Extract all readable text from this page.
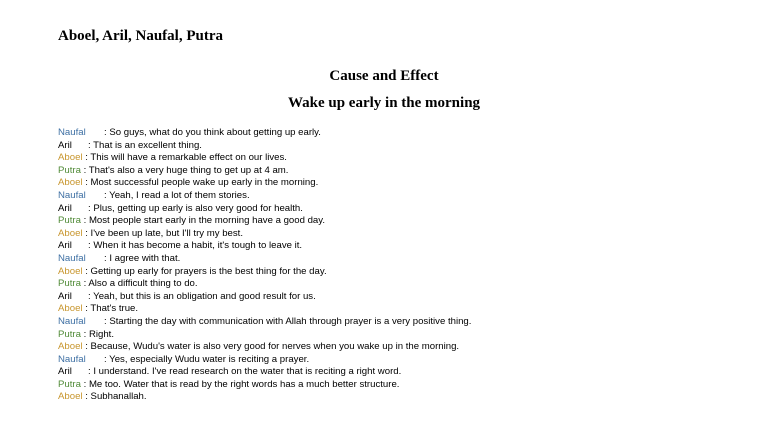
Aboel, Aril, Naufal, Putra
Cause and Effect
Wake up early in the morning
Naufal : So guys, what do you think about getting up early.
Aril : That is an excellent thing.
Aboel : This will have a remarkable effect on our lives.
Putra : That's also a very huge thing to get up at 4 am.
Aboel : Most successful people wake up early in the morning.
Naufal : Yeah, I read a lot of them stories.
Aril : Plus, getting up early is also very good for health.
Putra : Most people start early in the morning have a good day.
Aboel : I've been up late, but I'll try my best.
Aril : When it has become a habit, it's tough to leave it.
Naufal : I agree with that.
Aboel : Getting up early for prayers is the best thing for the day.
Putra : Also a difficult thing to do.
Aril : Yeah, but this is an obligation and good result for us.
Aboel : That's true.
Naufal : Starting the day with communication with Allah through prayer is a very positive thing.
Putra : Right.
Aboel : Because, Wudu's water is also very good for nerves when you wake up in the morning.
Naufal : Yes, especially Wudu water is reciting a prayer.
Aril : I understand. I've read research on the water that is reciting a right word.
Putra : Me too. Water that is read by the right words has a much better structure.
Aboel : Subhanallah.
